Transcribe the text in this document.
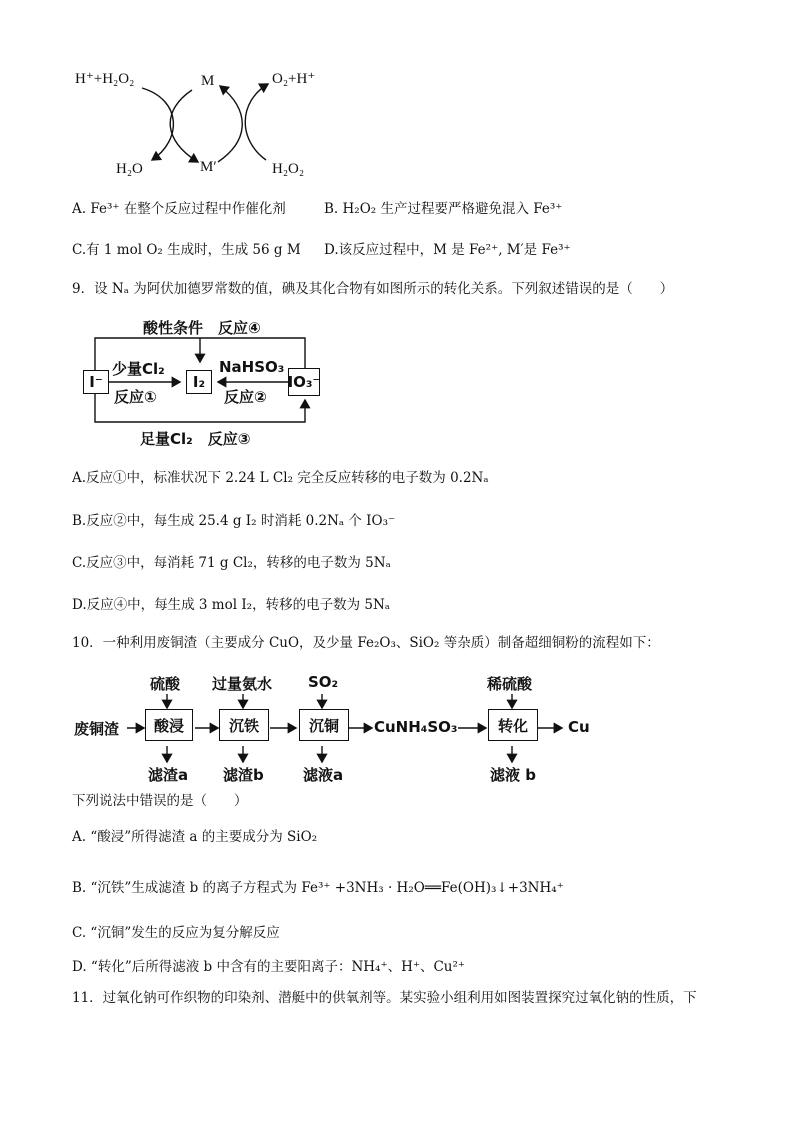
H⁺+H₂O₂	M	O₂+H⁺
H₂O	M′	H₂O₂
A. Fe³⁺ 在整个反应过程中作催化剂	B. H₂O₂ 生产过程要严格避免混入 Fe³⁺
C.有 1 mol O₂ 生成时，生成 56 g M D.该反应过程中，M 是 Fe²⁺, M′是 Fe³⁺
9．设 Nₐ 为阿伏加德罗常数的值，碘及其化合物有如图所示的转化关系。下列叙述错误的是（　　）
酸性条件　反应④
I⁻	I₂	IO₃⁻
少量Cl₂
反应①
NaHSO₃
反应②
足量Cl₂　反应③
A.反应①中，标准状况下 2.24 L Cl₂ 完全反应转移的电子数为 0.2Nₐ
B.反应②中，每生成 25.4 g I₂ 时消耗 0.2Nₐ 个 IO₃⁻
C.反应③中，每消耗 71 g Cl₂，转移的电子数为 5Nₐ
D.反应④中，每生成 3 mol I₂，转移的电子数为 5Nₐ
10．一种利用废铜渣（主要成分 CuO，及少量 Fe₂O₃、SiO₂ 等杂质）制备超细铜粉的流程如下：
废铜渣
硫酸
酸浸
滤渣a
过量氨水
沉铁
滤渣b
SO₂
沉铜
滤液a
CuNH₄SO₃
稀硫酸
转化
滤液 b
Cu
下列说法中错误的是（　　）
A. “酸浸”所得滤渣 a 的主要成分为 SiO₂
B. “沉铁”生成滤渣 b 的离子方程式为 Fe³⁺ +3NH₃ · H₂O══Fe(OH)₃↓+3NH₄⁺
C. “沉铜”发生的反应为复分解反应
D. “转化”后所得滤液 b 中含有的主要阳离子：NH₄⁺、H⁺、Cu²⁺
11．过氧化钠可作织物的印染剂、潜艇中的供氧剂等。某实验小组利用如图装置探究过氧化钠的性质，下
